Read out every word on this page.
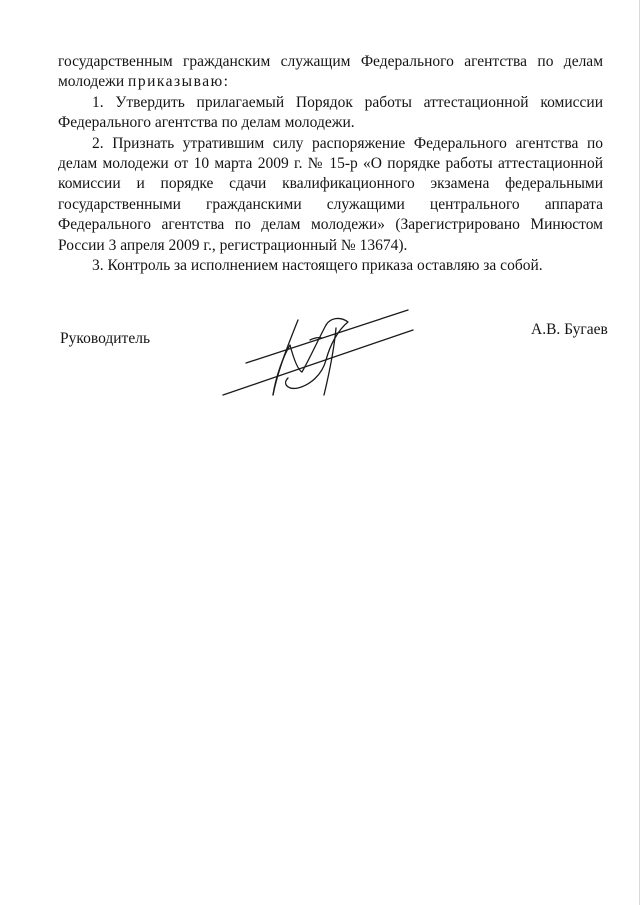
государственным гражданским служащим Федерального агентства по делам молодежи приказываю:

1. Утвердить прилагаемый Порядок работы аттестационной комиссии Федерального агентства по делам молодежи.

2. Признать утратившим силу распоряжение Федерального агентства по делам молодежи от 10 марта 2009 г. № 15-р «О порядке работы аттестационной комиссии и порядке сдачи квалификационного экзамена федеральными государственными гражданскими служащими центрального аппарата Федерального агентства по делам молодежи» (Зарегистрировано Минюстом России 3 апреля 2009 г., регистрационный № 13674).

3. Контроль за исполнением настоящего приказа оставляю за собой.

Руководитель
А.В. Бугаев
